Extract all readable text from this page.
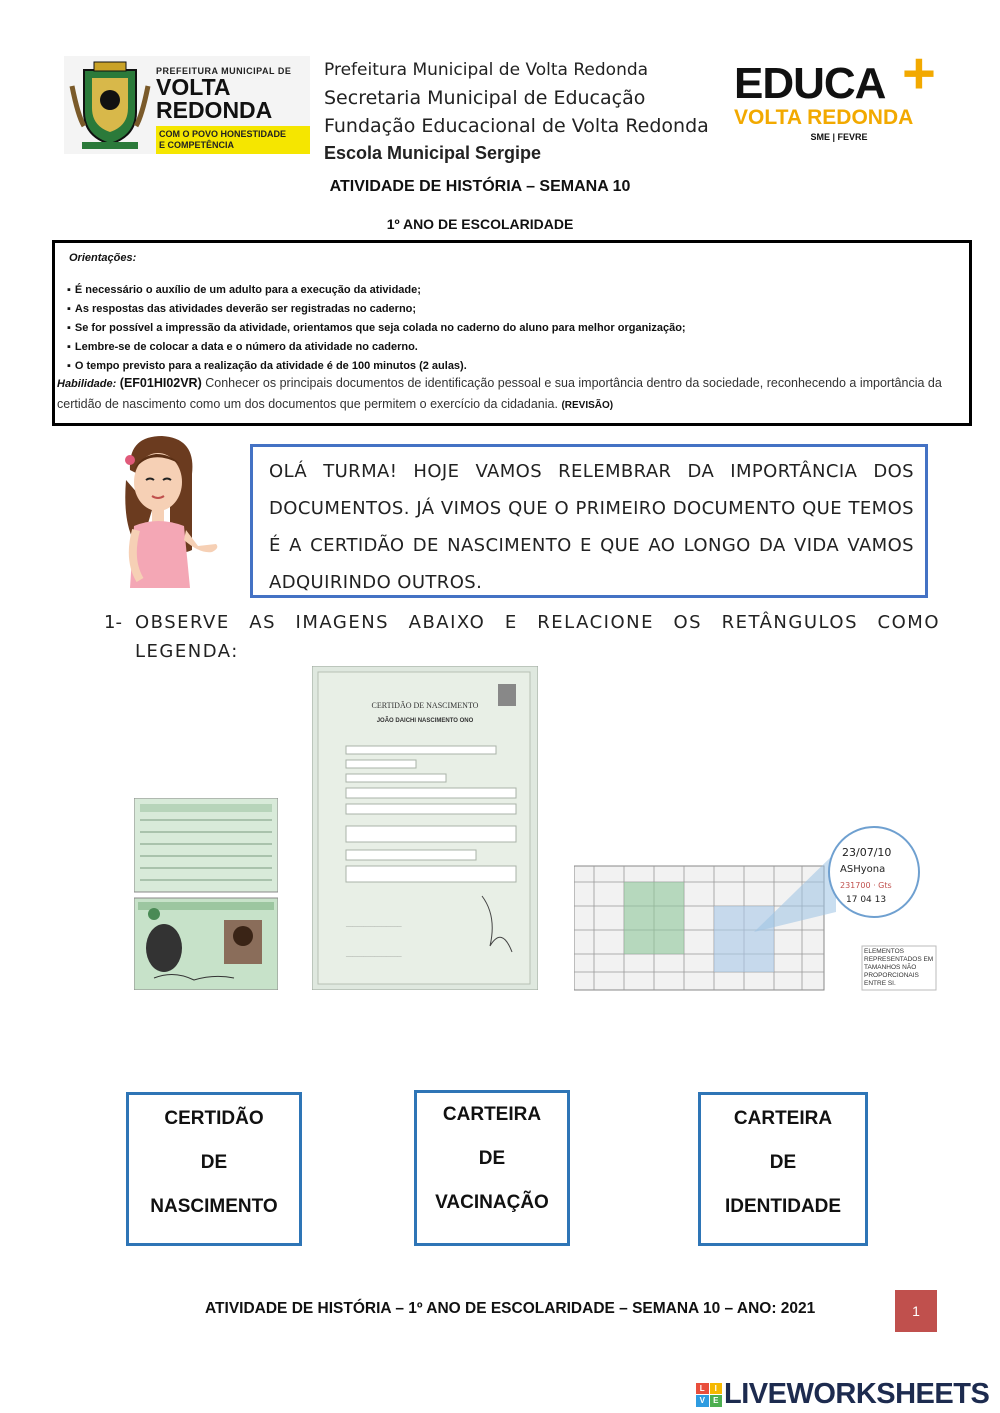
PREFEITURA MUNICIPAL DE
VOLTA
REDONDA
COM O POVO HONESTIDADE
E COMPETÊNCIA
Prefeitura Municipal de Volta Redonda
Secretaria Municipal de Educação
Fundação Educacional de Volta Redonda
Escola Municipal Sergipe
EDUCA +
VOLTA REDONDA
SME | FEVRE
ATIVIDADE DE HISTÓRIA – SEMANA 10
1º ANO DE ESCOLARIDADE
Orientações:
▪ É necessário o auxílio de um adulto para a execução da atividade;
▪ As respostas das atividades deverão ser registradas no caderno;
▪ Se for possível a impressão da atividade, orientamos que seja colada no caderno do aluno para melhor organização;
▪ Lembre-se de colocar a data e o número da atividade no caderno.
▪ O tempo previsto para a realização da atividade é de 100 minutos (2 aulas).
Habilidade: (EF01HI02VR) Conhecer os principais documentos de identificação pessoal e sua importância dentro da sociedade, reconhecendo a importância da certidão de nascimento como um dos documentos que permitem o exercício da cidadania. (REVISÃO)
OLÁ TURMA! HOJE VAMOS RELEMBRAR DA IMPORTÂNCIA DOS DOCUMENTOS. JÁ VIMOS QUE O PRIMEIRO DOCUMENTO QUE TEMOS É A CERTIDÃO DE NASCIMENTO E QUE AO LONGO DA VIDA VAMOS ADQUIRINDO OUTROS.
1- OBSERVE AS IMAGENS ABAIXO E RELACIONE OS RETÂNGULOS COMO LEGENDA:
CERTIDÃO DE NASCIMENTO
JOÃO DAICHI NASCIMENTO ONO
_________________________
_________________________
23/07/10
ASHyona
231700 · Gts
17 04 13
ELEMENTOS REPRESENTADOS EM TAMANHOS NÃO PROPORCIONAIS ENTRE SI.
CERTIDÃO
DE
NASCIMENTO
CARTEIRA
DE
VACINAÇÃO
CARTEIRA
DE
IDENTIDADE
ATIVIDADE DE HISTÓRIA – 1º ANO DE ESCOLARIDADE – SEMANA 10 – ANO: 2021	1
L	I
V	E LIVEWORKSHEETS
